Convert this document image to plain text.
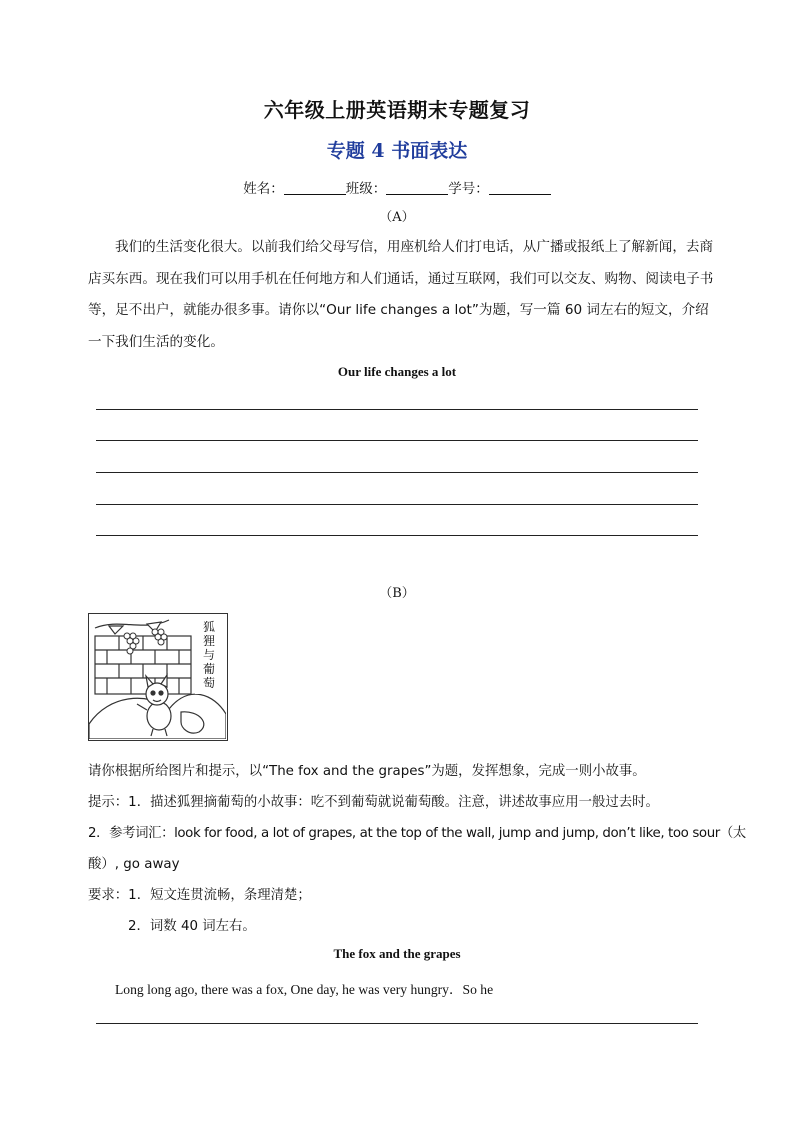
六年级上册英语期末专题复习
专题 4 书面表达
姓名：	班级：	学号：
（A）
我们的生活变化很大。以前我们给父母写信，用座机给人们打电话，从广播或报纸上了解新闻，去商店买东西。现在我们可以用手机在任何地方和人们通话，通过互联网，我们可以交友、购物、阅读电子书等，足不出户，就能办很多事。请你以“Our life changes a lot”为题，写一篇 60 词左右的短文，介绍一下我们生活的变化。
Our life changes a lot
（B）
狐狸与葡萄
请你根据所给图片和提示，以“The fox and the grapes”为题，发挥想象，完成一则小故事。
提示：1．描述狐狸摘葡萄的小故事：吃不到葡萄就说葡萄酸。注意，讲述故事应用一般过去时。
2．参考词汇：look for food, a lot of grapes, at the top of the wall, jump and jump, don’t like, too sour（太
酸）, go away
要求：1．短文连贯流畅，条理清楚；
2．词数 40 词左右。
The fox and the grapes
Long long ago, there was a fox, One day, he was very hungry．So he
